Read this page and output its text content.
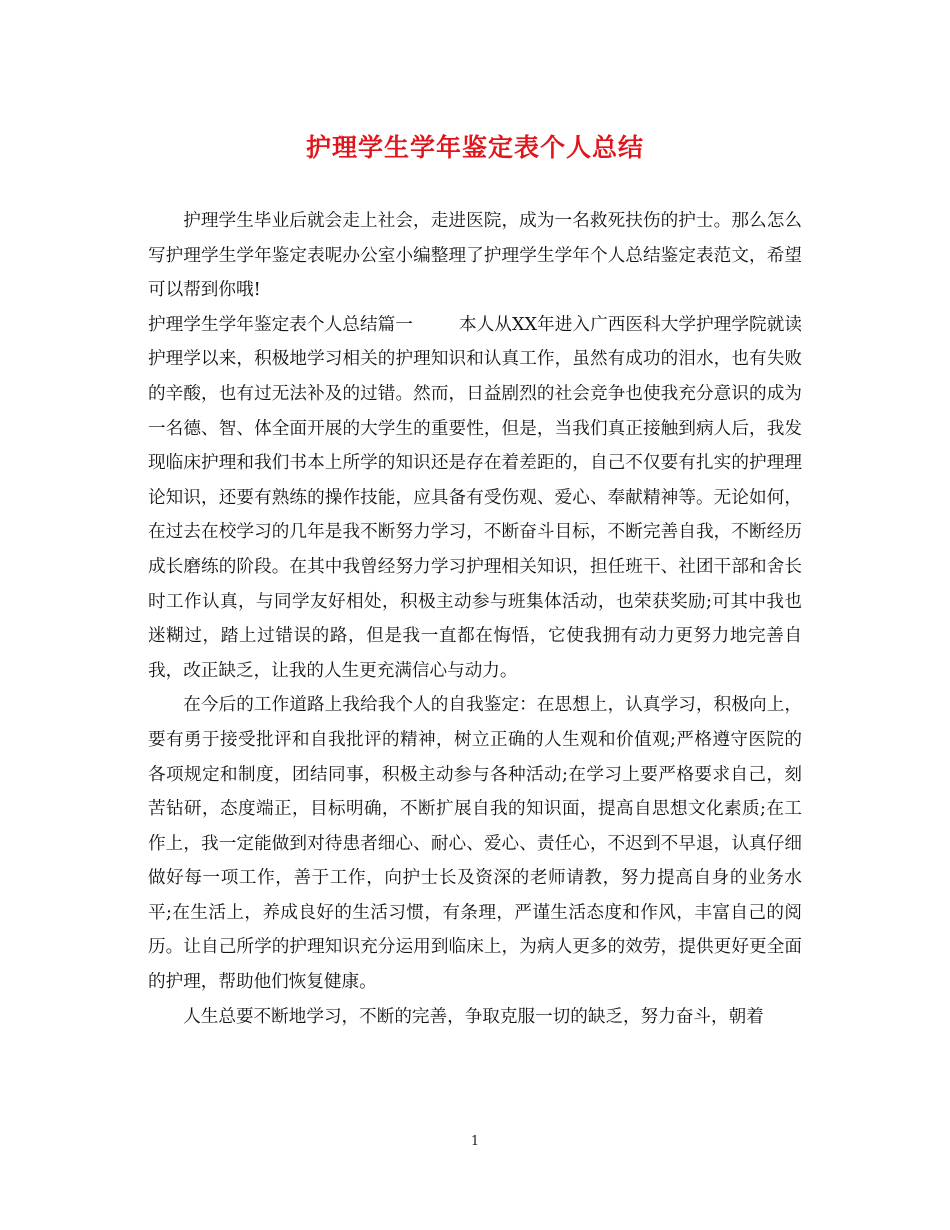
护理学生学年鉴定表个人总结

护理学生毕业后就会走上社会，走进医院，成为一名救死扶伤的护士。那么怎么写护理学生学年鉴定表呢办公室小编整理了护理学生学年个人总结鉴定表范文，希望可以帮到你哦!

护理学生学年鉴定表个人总结篇一	本人从XX年进入广西医科大学护理学院就读护理学以来，积极地学习相关的护理知识和认真工作，虽然有成功的泪水，也有失败的辛酸，也有过无法补及的过错。然而，日益剧烈的社会竞争也使我充分意识的成为一名德、智、体全面开展的大学生的重要性，但是，当我们真正接触到病人后，我发现临床护理和我们书本上所学的知识还是存在着差距的，自己不仅要有扎实的护理理论知识，还要有熟练的操作技能，应具备有受伤观、爱心、奉献精神等。无论如何，在过去在校学习的几年是我不断努力学习，不断奋斗目标，不断完善自我，不断经历成长磨练的阶段。在其中我曾经努力学习护理相关知识，担任班干、社团干部和舍长时工作认真，与同学友好相处，积极主动参与班集体活动，也荣获奖励;可其中我也迷糊过，踏上过错误的路，但是我一直都在悔悟，它使我拥有动力更努力地完善自我，改正缺乏，让我的人生更充满信心与动力。

在今后的工作道路上我给我个人的自我鉴定：在思想上，认真学习，积极向上，要有勇于接受批评和自我批评的精神，树立正确的人生观和价值观;严格遵守医院的各项规定和制度，团结同事，积极主动参与各种活动;在学习上要严格要求自己，刻苦钻研，态度端正，目标明确，不断扩展自我的知识面，提高自思想文化素质;在工作上，我一定能做到对待患者细心、耐心、爱心、责任心，不迟到不早退，认真仔细做好每一项工作，善于工作，向护士长及资深的老师请教，努力提高自身的业务水平;在生活上，养成良好的生活习惯，有条理，严谨生活态度和作风，丰富自己的阅历。让自己所学的护理知识充分运用到临床上，为病人更多的效劳，提供更好更全面的护理，帮助他们恢复健康。

人生总要不断地学习，不断的完善，争取克服一切的缺乏，努力奋斗，朝着

1
